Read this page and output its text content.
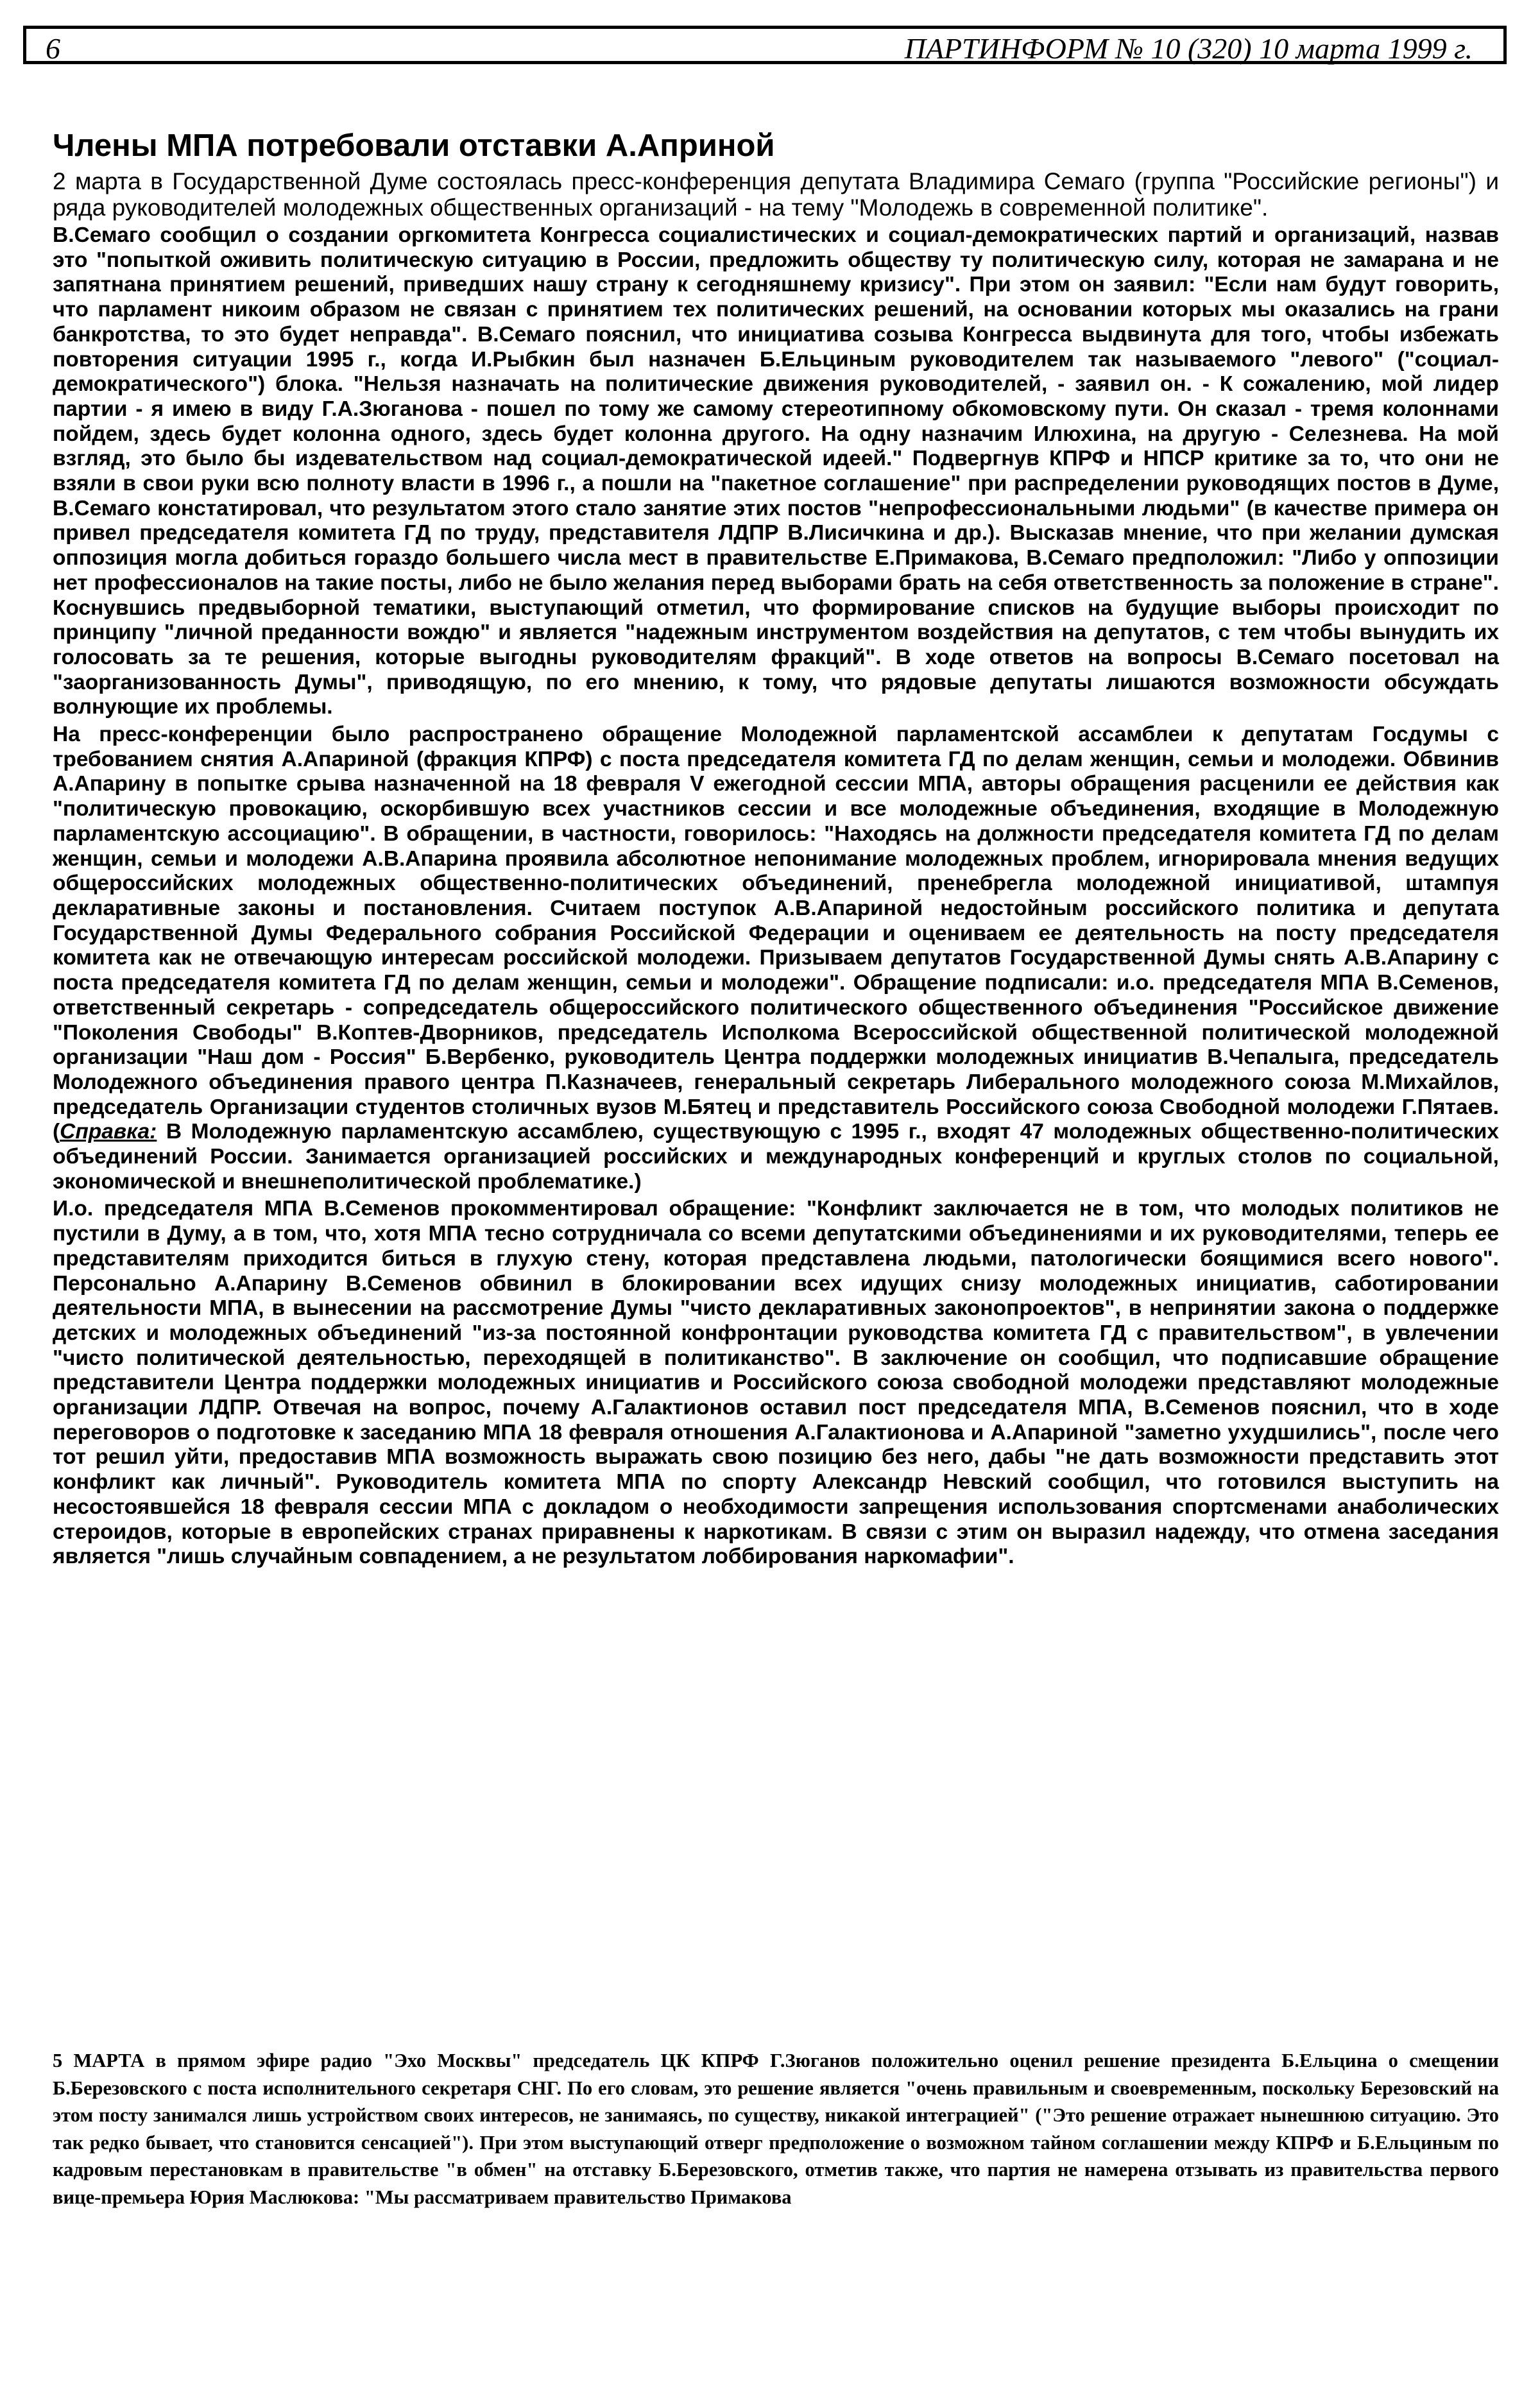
6	ПАРТИНФОРМ № 10 (320) 10 марта 1999 г.
Члены МПА потребовали отставки А.Априной

2 марта в Государственной Думе состоялась пресс-конференция депутата Владимира Семаго (группа "Российские регионы") и ряда руководителей молодежных общественных организаций - на тему "Молодежь в современной политике".

В.Семаго сообщил о создании оргкомитета Конгресса социалистических и социал-демократических партий и организаций, назвав это "попыткой оживить политическую ситуацию в России, предложить обществу ту политическую силу, которая не замарана и не запятнана принятием решений, приведших нашу страну к сегодняшнему кризису". При этом он заявил: "Если нам будут говорить, что парламент никоим образом не связан с принятием тех политических решений, на основании которых мы оказались на грани банкротства, то это будет неправда". В.Семаго пояснил, что инициатива созыва Конгресса выдвинута для того, чтобы избежать повторения ситуации 1995 г., когда И.Рыбкин был назначен Б.Ельциным руководителем так называемого "левого" ("социал-демократического") блока. "Нельзя назначать на политические движения руководителей, - заявил он. - К сожалению, мой лидер партии - я имею в виду Г.А.Зюганова - пошел по тому же самому стереотипному обкомовскому пути. Он сказал - тремя колоннами пойдем, здесь будет колонна одного, здесь будет колонна другого. На одну назначим Илюхина, на другую - Селезнева. На мой взгляд, это было бы издевательством над социал-демократической идеей." Подвергнув КПРФ и НПСР критике за то, что они не взяли в свои руки всю полноту власти в 1996 г., а пошли на "пакетное соглашение" при распределении руководящих постов в Думе, В.Семаго констатировал, что результатом этого стало занятие этих постов "непрофессиональными людьми" (в качестве примера он привел председателя комитета ГД по труду, представителя ЛДПР В.Лисичкина и др.). Высказав мнение, что при желании думская оппозиция могла добиться гораздо большего числа мест в правительстве Е.Примакова, В.Семаго предположил: "Либо у оппозиции нет профессионалов на такие посты, либо не было желания перед выборами брать на себя ответственность за положение в стране". Коснувшись предвыборной тематики, выступающий отметил, что формирование списков на будущие выборы происходит по принципу "личной преданности вождю" и является "надежным инструментом воздействия на депутатов, с тем чтобы вынудить их голосовать за те решения, которые выгодны руководителям фракций". В ходе ответов на вопросы В.Семаго посетовал на "заорганизованность Думы", приводящую, по его мнению, к тому, что рядовые депутаты лишаются возможности обсуждать волнующие их проблемы.

На пресс-конференции было распространено обращение Молодежной парламентской ассамблеи к депутатам Госдумы с требованием снятия А.Апариной (фракция КПРФ) с поста председателя комитета ГД по делам женщин, семьи и молодежи. Обвинив А.Апарину в попытке срыва назначенной на 18 февраля V ежегодной сессии МПА, авторы обращения расценили ее действия как "политическую провокацию, оскорбившую всех участников сессии и все молодежные объединения, входящие в Молодежную парламентскую ассоциацию". В обращении, в частности, говорилось: "Находясь на должности председателя комитета ГД по делам женщин, семьи и молодежи А.В.Апарина проявила абсолютное непонимание молодежных проблем, игнорировала мнения ведущих общероссийских молодежных общественно-политических объединений, пренебрегла молодежной инициативой, штампуя декларативные законы и постановления. Считаем поступок А.В.Апариной недостойным российского политика и депутата Государственной Думы Федерального собрания Российской Федерации и оцениваем ее деятельность на посту председателя комитета как не отвечающую интересам российской молодежи. Призываем депутатов Государственной Думы снять А.В.Апарину с поста председателя комитета ГД по делам женщин, семьи и молодежи". Обращение подписали: и.о. председателя МПА В.Семенов, ответственный секретарь - сопредседатель общероссийского политического общественного объединения "Российское движение "Поколения Свободы" В.Коптев-Дворников, председатель Исполкома Всероссийской общественной политической молодежной организации "Наш дом - Россия" Б.Вербенко, руководитель Центра поддержки молодежных инициатив В.Чепалыга, председатель Молодежного объединения правого центра П.Казначеев, генеральный секретарь Либерального молодежного союза М.Михайлов, председатель Организации студентов столичных вузов М.Бятец и представитель Российского союза Свободной молодежи Г.Пятаев. (Справка: В Молодежную парламентскую ассамблею, существующую с 1995 г., входят 47 молодежных общественно-политических объединений России. Занимается организацией российских и международных конференций и круглых столов по социальной, экономической и внешнеполитической проблематике.)

И.о. председателя МПА В.Семенов прокомментировал обращение: "Конфликт заключается не в том, что молодых политиков не пустили в Думу, а в том, что, хотя МПА тесно сотрудничала со всеми депутатскими объединениями и их руководителями, теперь ее представителям приходится биться в глухую стену, которая представлена людьми, патологически боящимися всего нового". Персонально А.Апарину В.Семенов обвинил в блокировании всех идущих снизу молодежных инициатив, саботировании деятельности МПА, в вынесении на рассмотрение Думы "чисто декларативных законопроектов", в непринятии закона о поддержке детских и молодежных объединений "из-за постоянной конфронтации руководства комитета ГД с правительством", в увлечении "чисто политической деятельностью, переходящей в политиканство". В заключение он сообщил, что подписавшие обращение представители Центра поддержки молодежных инициатив и Российского союза свободной молодежи представляют молодежные организации ЛДПР. Отвечая на вопрос, почему А.Галактионов оставил пост председателя МПА, В.Семенов пояснил, что в ходе переговоров о подготовке к заседанию МПА 18 февраля отношения А.Галактионова и А.Апариной "заметно ухудшились", после чего тот решил уйти, предоставив МПА возможность выражать свою позицию без него, дабы "не дать возможности представить этот конфликт как личный". Руководитель комитета МПА по спорту Александр Невский сообщил, что готовился выступить на несостоявшейся 18 февраля сессии МПА с докладом о необходимости запрещения использования спортсменами анаболических стероидов, которые в европейских странах приравнены к наркотикам. В связи с этим он выразил надежду, что отмена заседания является "лишь случайным совпадением, а не результатом лоббирования наркомафии".

5 МАРТА в прямом эфире радио "Эхо Москвы" председатель ЦК КПРФ Г.Зюганов положительно оценил решение президента Б.Ельцина о смещении Б.Березовского с поста исполнительного секретаря СНГ. По его словам, это решение является "очень правильным и своевременным, поскольку Березовский на этом посту занимался лишь устройством своих интересов, не занимаясь, по существу, никакой интеграцией" ("Это решение отражает нынешнюю ситуацию. Это так редко бывает, что становится сенсацией"). При этом выступающий отверг предположение о возможном тайном соглашении между КПРФ и Б.Ельциным по кадровым перестановкам в правительстве "в обмен" на отставку Б.Березовского, отметив также, что партия не намерена отзывать из правительства первого вице-премьера Юрия Маслюкова: "Мы рассматриваем правительство Примакова
